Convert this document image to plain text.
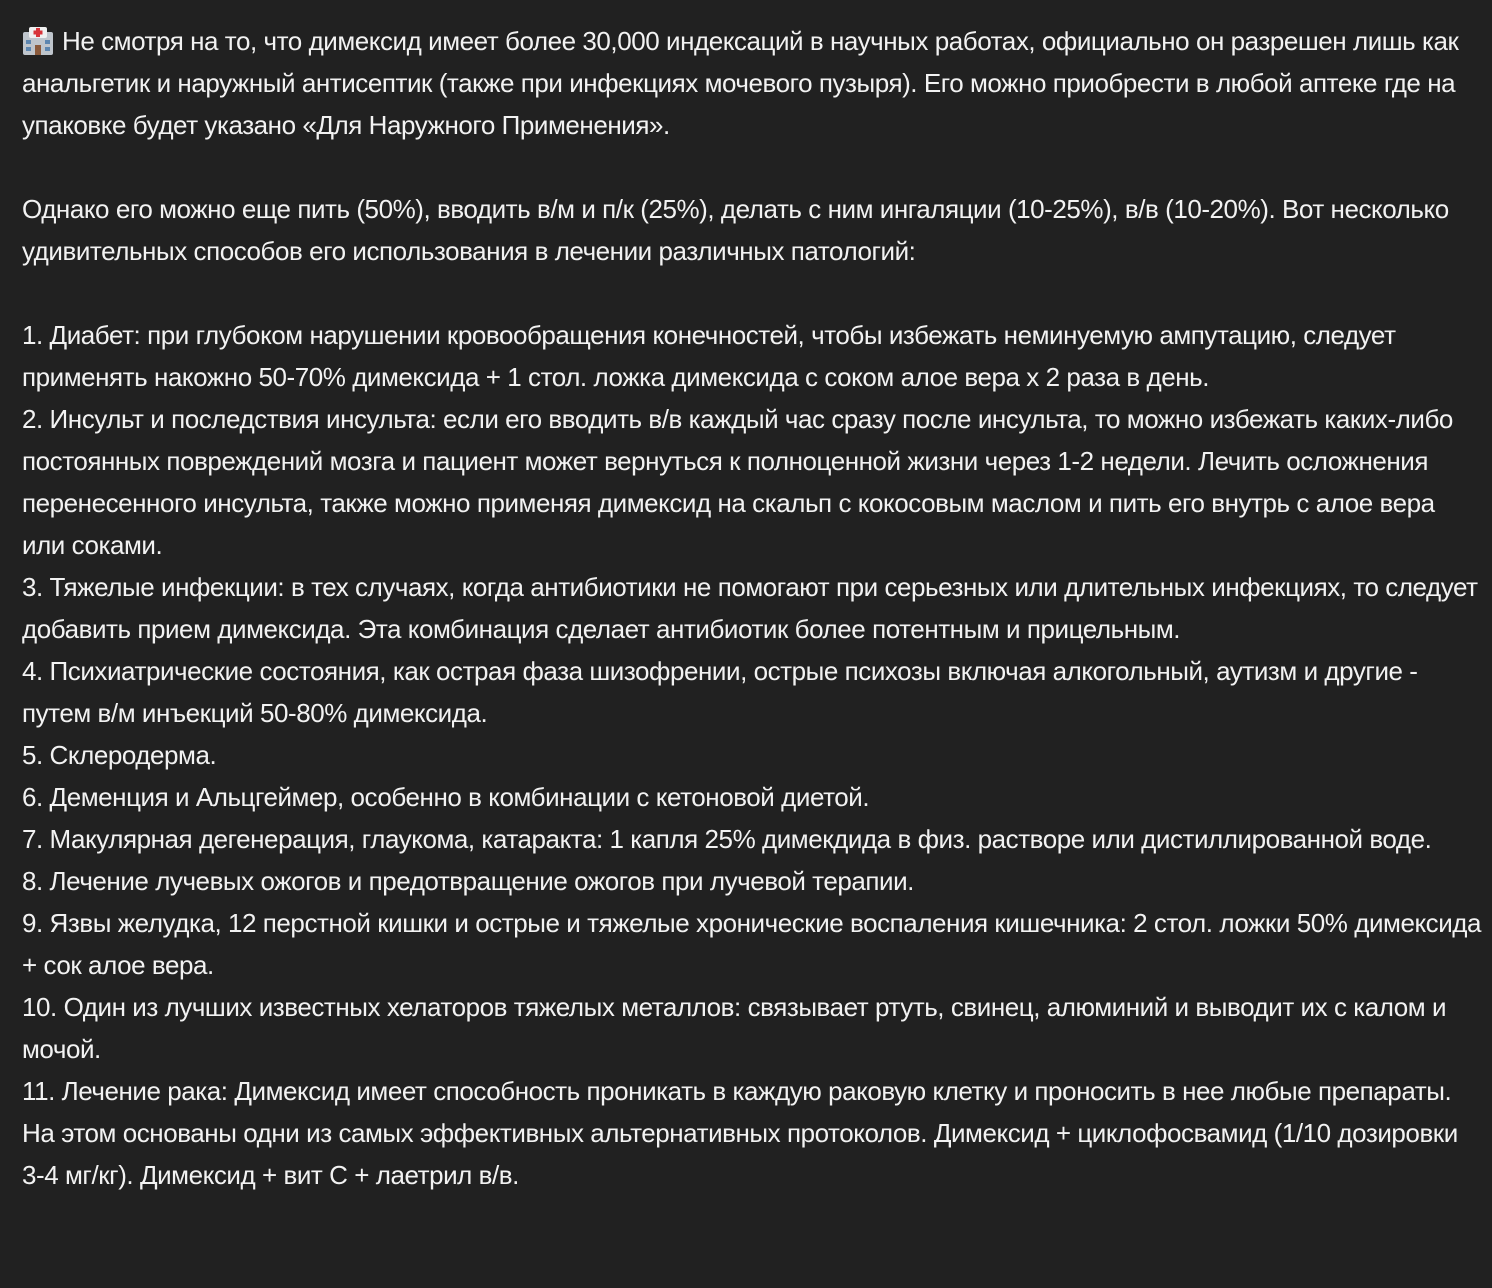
Не смотря на то, что димексид имеет более 30,000 индексаций в научных работах, официально он разрешен лишь как анальгетик и наружный антисептик (также при инфекциях мочевого пузыря). Его можно приобрести в любой аптеке где на упаковке будет указано «Для Наружного Применения».

Однако его можно еще пить (50%), вводить в/м и п/к (25%), делать с ним ингаляции (10-25%), в/в (10-20%). Вот несколько удивительных способов его использования в лечении различных патологий:

1. Диабет: при глубоком нарушении кровообращения конечностей, чтобы избежать неминуемую ампутацию, следует применять накожно 50-70% димексида + 1 стол. ложка димексида с соком алое вера x 2 раза в день.

2. Инсульт и последствия инсульта: если его вводить в/в каждый час сразу после инсульта, то можно избежать каких-либо постоянных повреждений мозга и пациент может вернуться к полноценной жизни через 1-2 недели. Лечить осложнения перенесенного инсульта, также можно применяя димексид на скальп с кокосовым маслом и пить его внутрь с алое вера или соками.

3. Тяжелые инфекции: в тех случаях, когда антибиотики не помогают при серьезных или длительных инфекциях, то следует добавить прием димексида. Эта комбинация сделает антибиотик более потентным и прицельным.

4. Психиатрические состояния, как острая фаза шизофрении, острые психозы включая алкогольный, аутизм и другие - путем в/м инъекций 50-80% димексида.

5. Склеродерма.

6. Деменция и Альцгеймер, особенно в комбинации с кетоновой диетой.

7. Макулярная дегенерация, глаукома, катаракта: 1 капля 25% димекдида в физ. растворе или дистиллированной воде.

8. Лечение лучевых ожогов и предотвращение ожогов при лучевой терапии.

9. Язвы желудка, 12 перстной кишки и острые и тяжелые хронические воспаления кишечника: 2 стол. ложки 50% димексида + сок алое вера.

10. Один из лучших известных хелаторов тяжелых металлов: связывает ртуть, свинец, алюминий и выводит их с калом и мочой.

11. Лечение рака: Димексид имеет способность проникать в каждую раковую клетку и проносить в нее любые препараты. На этом основаны одни из самых эффективных альтернативных протоколов. Димексид + циклофосвамид (1/10 дозировки 3-4 мг/кг). Димексид + вит С + лаетрил в/в.
